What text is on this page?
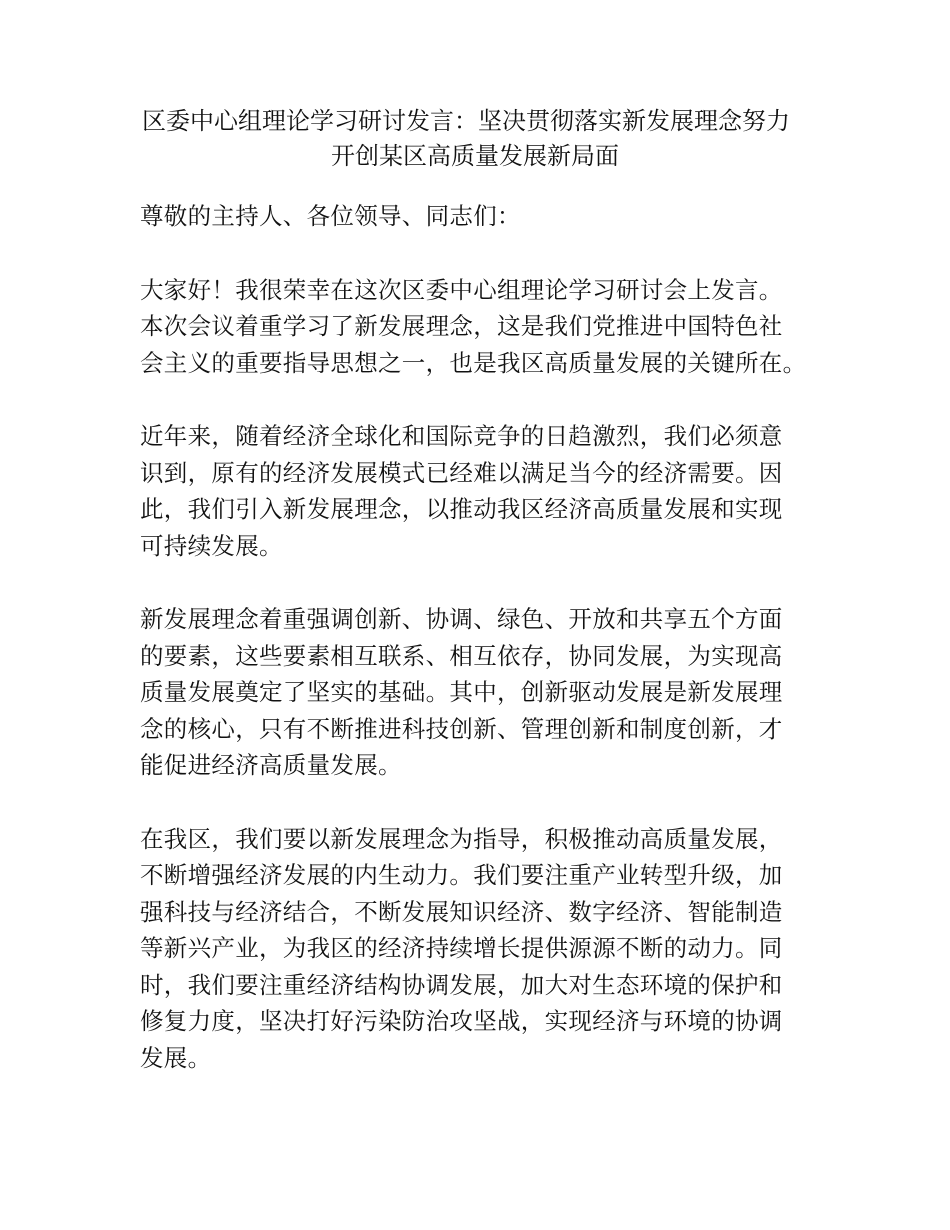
区委中心组理论学习研讨发言：坚决贯彻落实新发展理念努力
开创某区高质量发展新局面

尊敬的主持人、各位领导、同志们：

大家好！我很荣幸在这次区委中心组理论学习研讨会上发言。
本次会议着重学习了新发展理念，这是我们党推进中国特色社
会主义的重要指导思想之一，也是我区高质量发展的关键所在。

近年来，随着经济全球化和国际竞争的日趋激烈，我们必须意
识到，原有的经济发展模式已经难以满足当今的经济需要。因
此，我们引入新发展理念，以推动我区经济高质量发展和实现
可持续发展。

新发展理念着重强调创新、协调、绿色、开放和共享五个方面
的要素，这些要素相互联系、相互依存，协同发展，为实现高
质量发展奠定了坚实的基础。其中，创新驱动发展是新发展理
念的核心，只有不断推进科技创新、管理创新和制度创新，才
能促进经济高质量发展。

在我区，我们要以新发展理念为指导，积极推动高质量发展，
不断增强经济发展的内生动力。我们要注重产业转型升级，加
强科技与经济结合，不断发展知识经济、数字经济、智能制造
等新兴产业，为我区的经济持续增长提供源源不断的动力。同
时，我们要注重经济结构协调发展，加大对生态环境的保护和
修复力度，坚决打好污染防治攻坚战，实现经济与环境的协调
发展。
